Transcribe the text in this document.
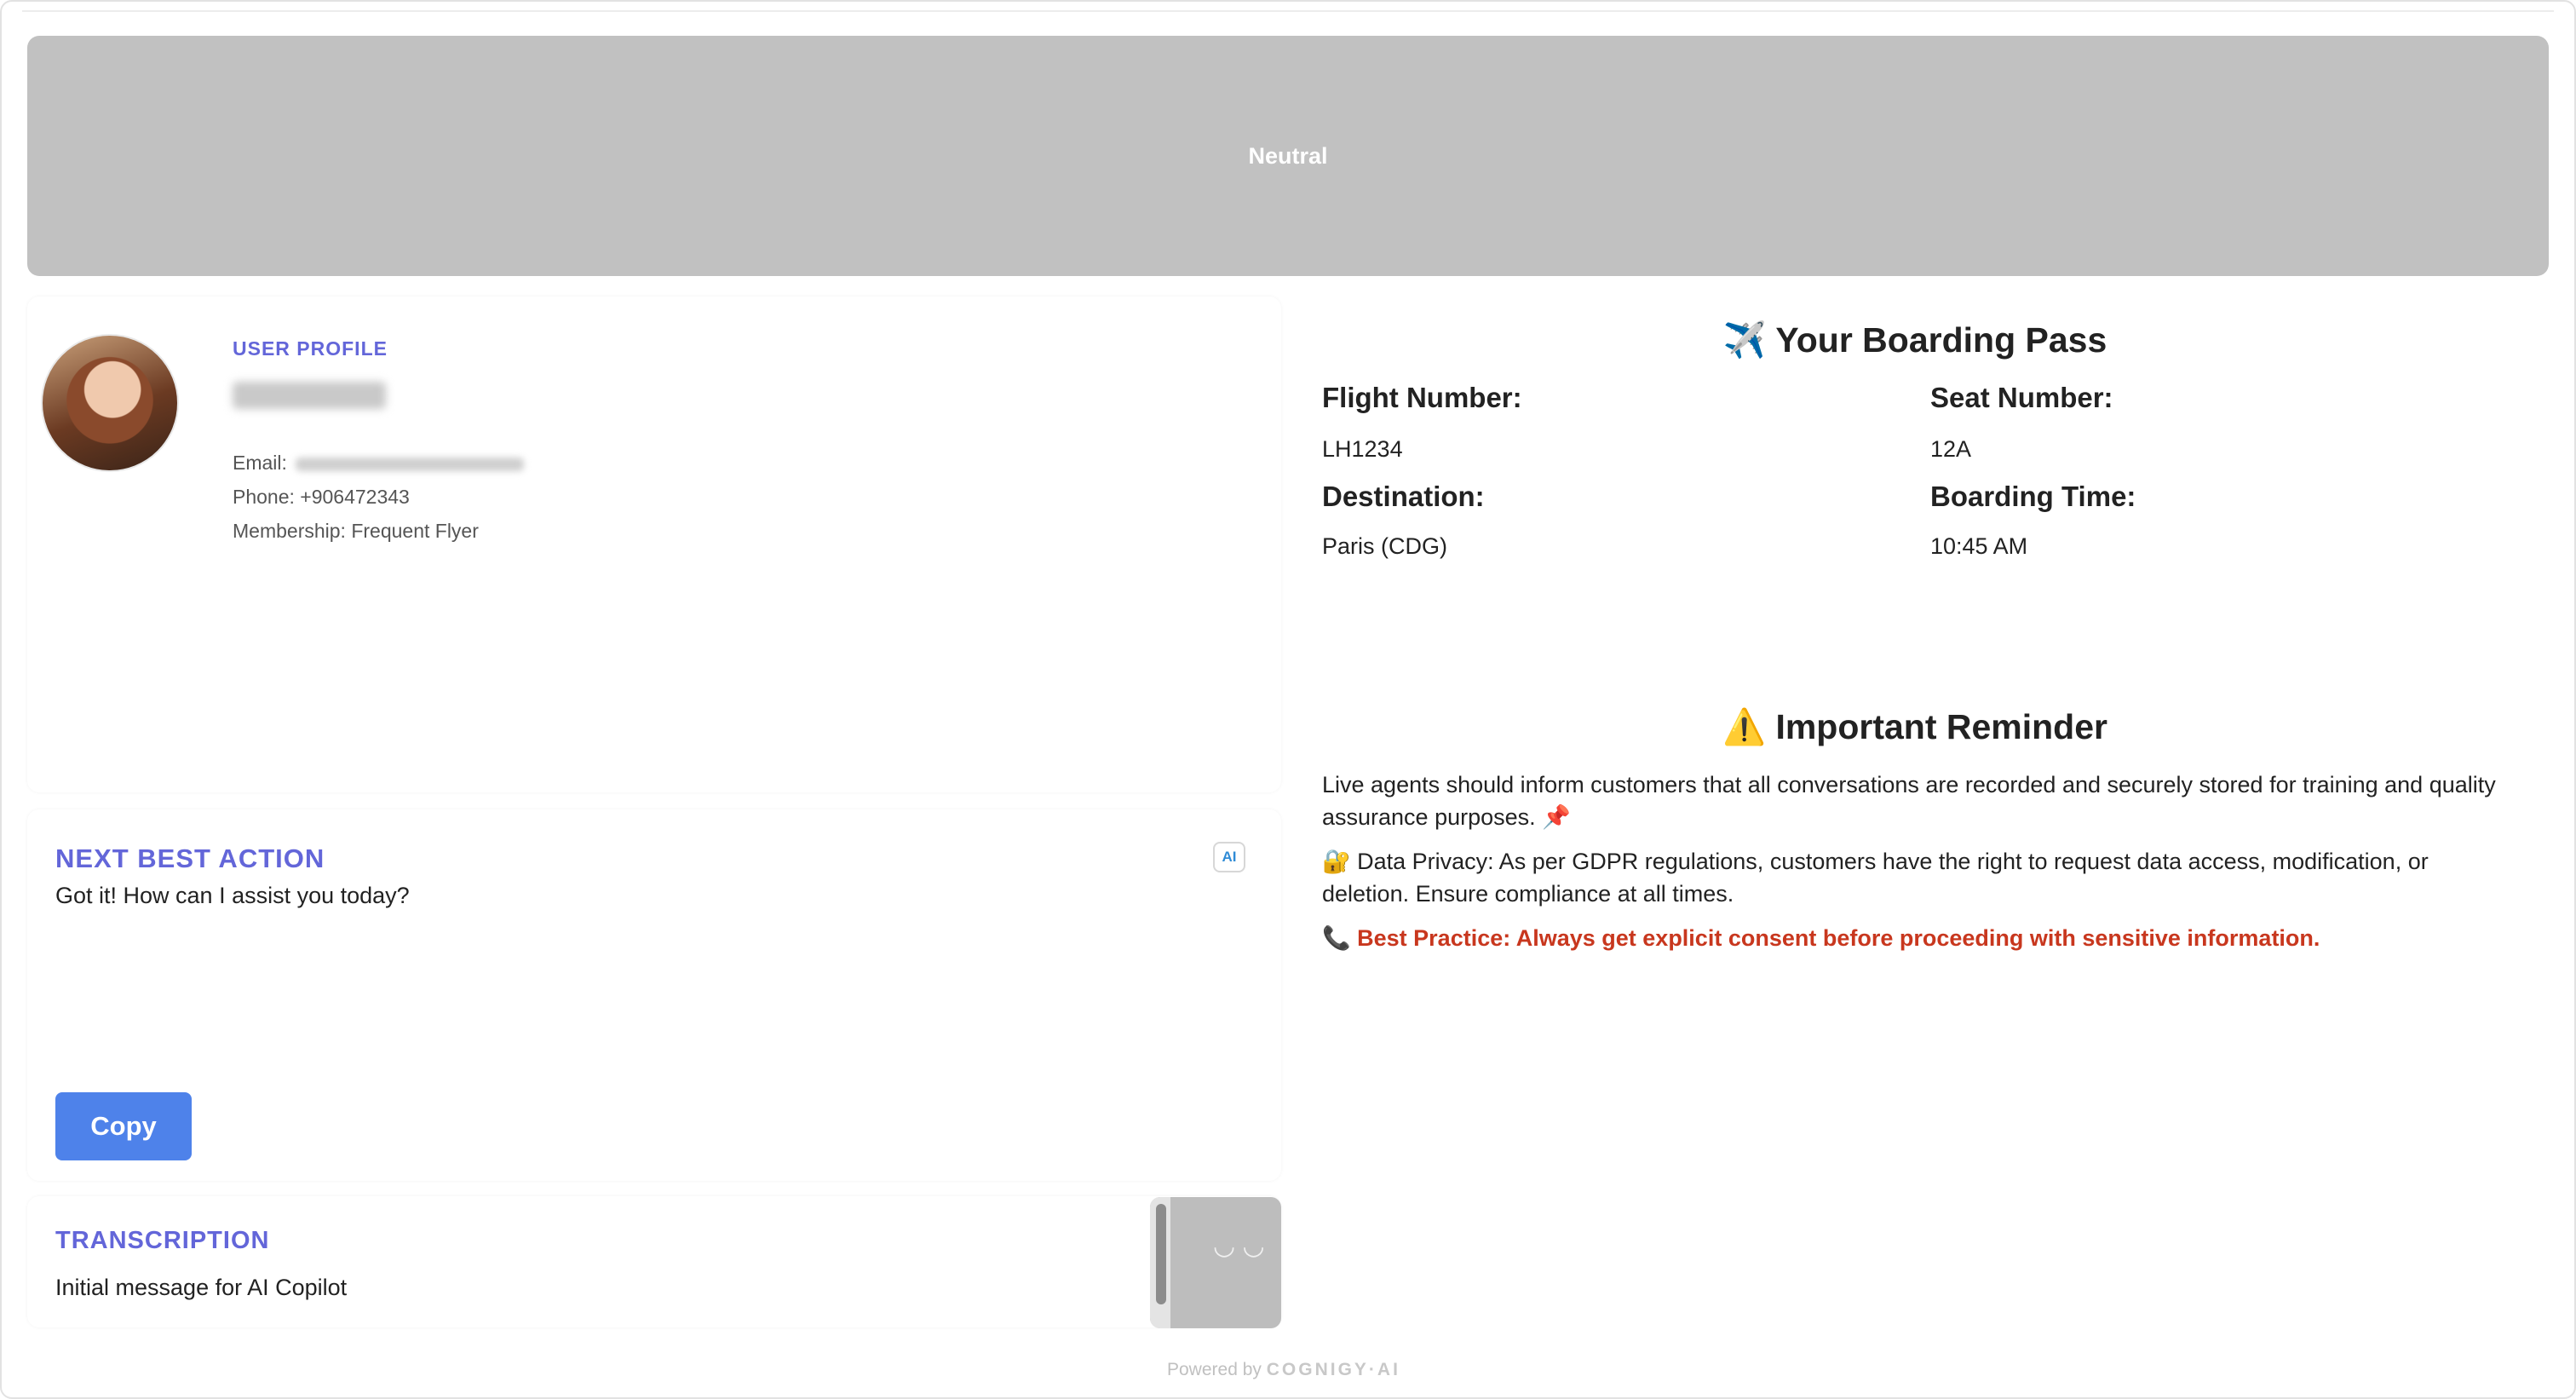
Neutral
USER PROFILE
Email:
Phone: +906472343
Membership: Frequent Flyer
NEXT BEST ACTION
Got it! How can I assist you today?
AI
Copy
TRANSCRIPTION
Initial message for AI Copilot
◡ ◡
✈️ Your Boarding Pass
Flight Number:
LH1234
Seat Number:
12A
Destination:
Paris (CDG)
Boarding Time:
10:45 AM
⚠️ Important Reminder
Live agents should inform customers that all conversations are recorded and securely stored for training and quality assurance purposes. 📌
🔐 Data Privacy: As per GDPR regulations, customers have the right to request data access, modification, or deletion. Ensure compliance at all times.
📞 Best Practice: Always get explicit consent before proceeding with sensitive information.
Powered by COGNIGY·AI
